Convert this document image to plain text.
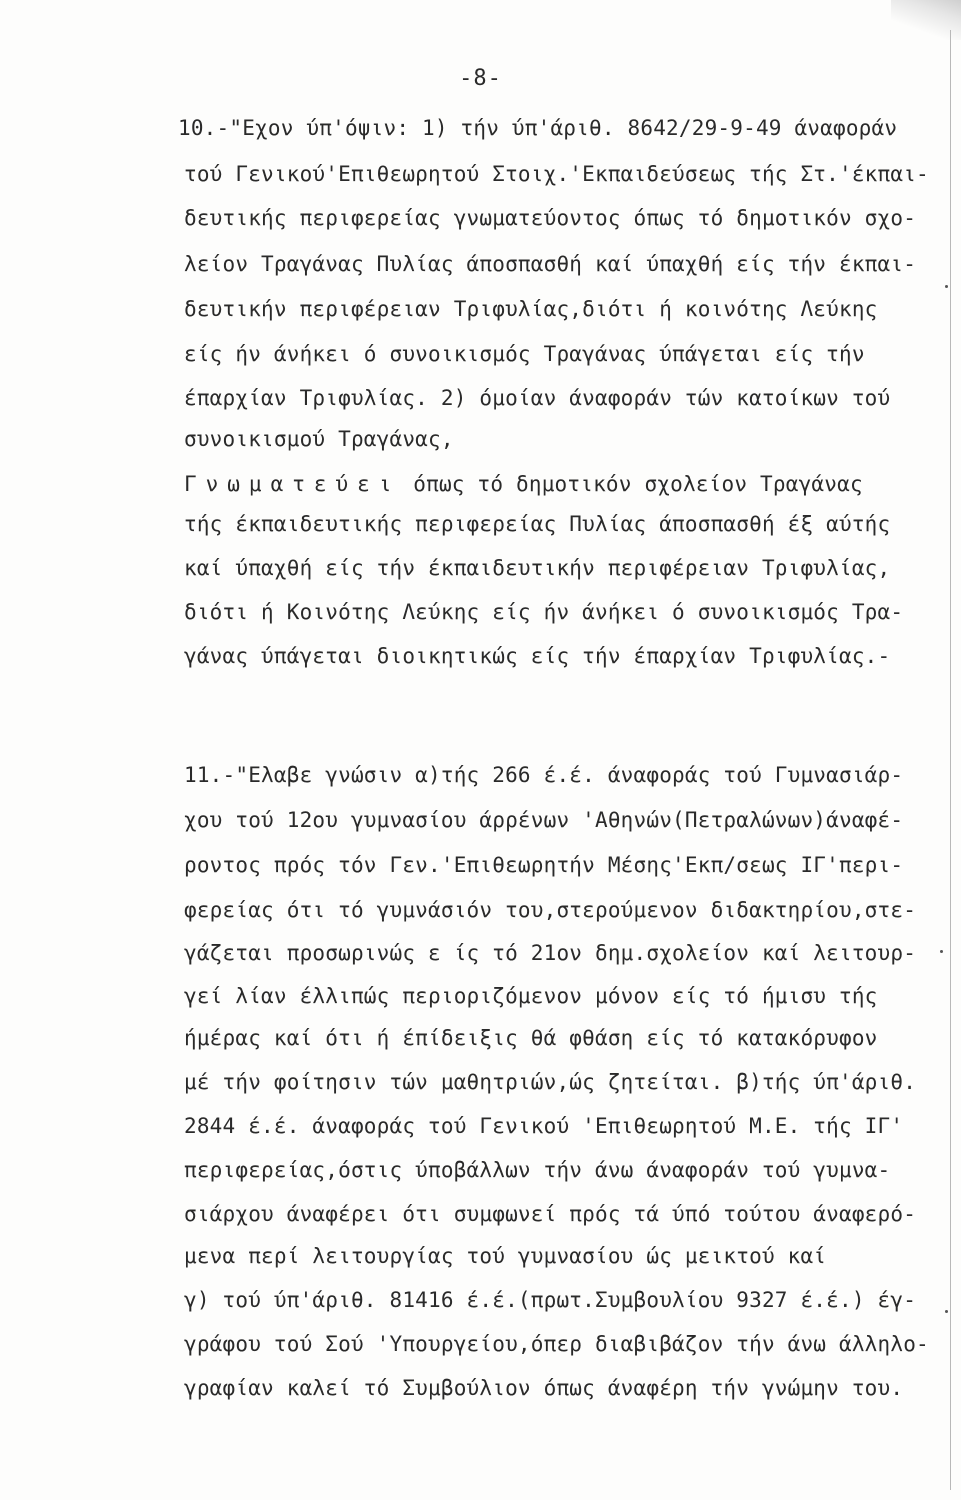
-8-
10.-"Εχον ύπ'όψιν: 1) τήν ύπ'άριθ. 8642/29-9-49 άναφοράν
τού Γενικού'Επιθεωρητού Στοιχ.'Εκπαιδεύσεως τής Στ.'έκπαι-
δευτικής περιφερείας γνωματεύοντος όπως τό δημοτικόν σχο-
λείον Τραγάνας Πυλίας άποσπασθή καί ύπαχθή είς τήν έκπαι-
δευτικήν περιφέρειαν Τριφυλίας,διότι ή κοινότης Λεύκης
είς ήν άνήκει ό συνοικισμός Τραγάνας ύπάγεται είς τήν
έπαρχίαν Τριφυλίας. 2) όμοίαν άναφοράν τών κατοίκων τού
συνοικισμού Τραγάνας,
Γνωματεύει όπως τό δημοτικόν σχολείον Τραγάνας
τής έκπαιδευτικής περιφερείας Πυλίας άποσπασθή έξ αύτής
καί ύπαχθή είς τήν έκπαιδευτικήν περιφέρειαν Τριφυλίας,
διότι ή Κοινότης Λεύκης είς ήν άνήκει ό συνοικισμός Τρα-
γάνας ύπάγεται διοικητικώς είς τήν έπαρχίαν Τριφυλίας.-
11.-"Ελαβε γνώσιν α)τής 266 έ.έ. άναφοράς τού Γυμνασιάρ-
χου τού 12ου γυμνασίου άρρένων 'Αθηνών(Πετραλώνων)άναφέ-
ροντος πρός τόν Γεν.'Επιθεωρητήν Μέσης'Εκπ/σεως ΙΓ'περι-
φερείας ότι τό γυμνάσιόν του,στερούμενον διδακτηρίου,στε-
γάζεται προσωρινώς ε ίς τό 21ον δημ.σχολείον καί λειτουρ-
γεί λίαν έλλιπώς περιοριζόμενον μόνον είς τό ήμισυ τής
ήμέρας καί ότι ή έπίδειξις θά φθάση είς τό κατακόρυφον
μέ τήν φοίτησιν τών μαθητριών,ώς ζητείται. β)τής ύπ'άριθ.
2844 έ.έ. άναφοράς τού Γενικού 'Επιθεωρητού Μ.Ε. τής ΙΓ'
περιφερείας,όστις ύποβάλλων τήν άνω άναφοράν τού γυμνα-
σιάρχου άναφέρει ότι συμφωνεί πρός τά ύπό τούτου άναφερό-
μενα περί λειτουργίας τού γυμνασίου ώς μεικτού καί
γ) τού ύπ'άριθ. 81416 έ.έ.(πρωτ.Συμβουλίου 9327 έ.έ.) έγ-
γράφου τού Σού 'Υπουργείου,όπερ διαβιβάζον τήν άνω άλληλο-
γραφίαν καλεί τό Συμβούλιον όπως άναφέρη τήν γνώμην του.
